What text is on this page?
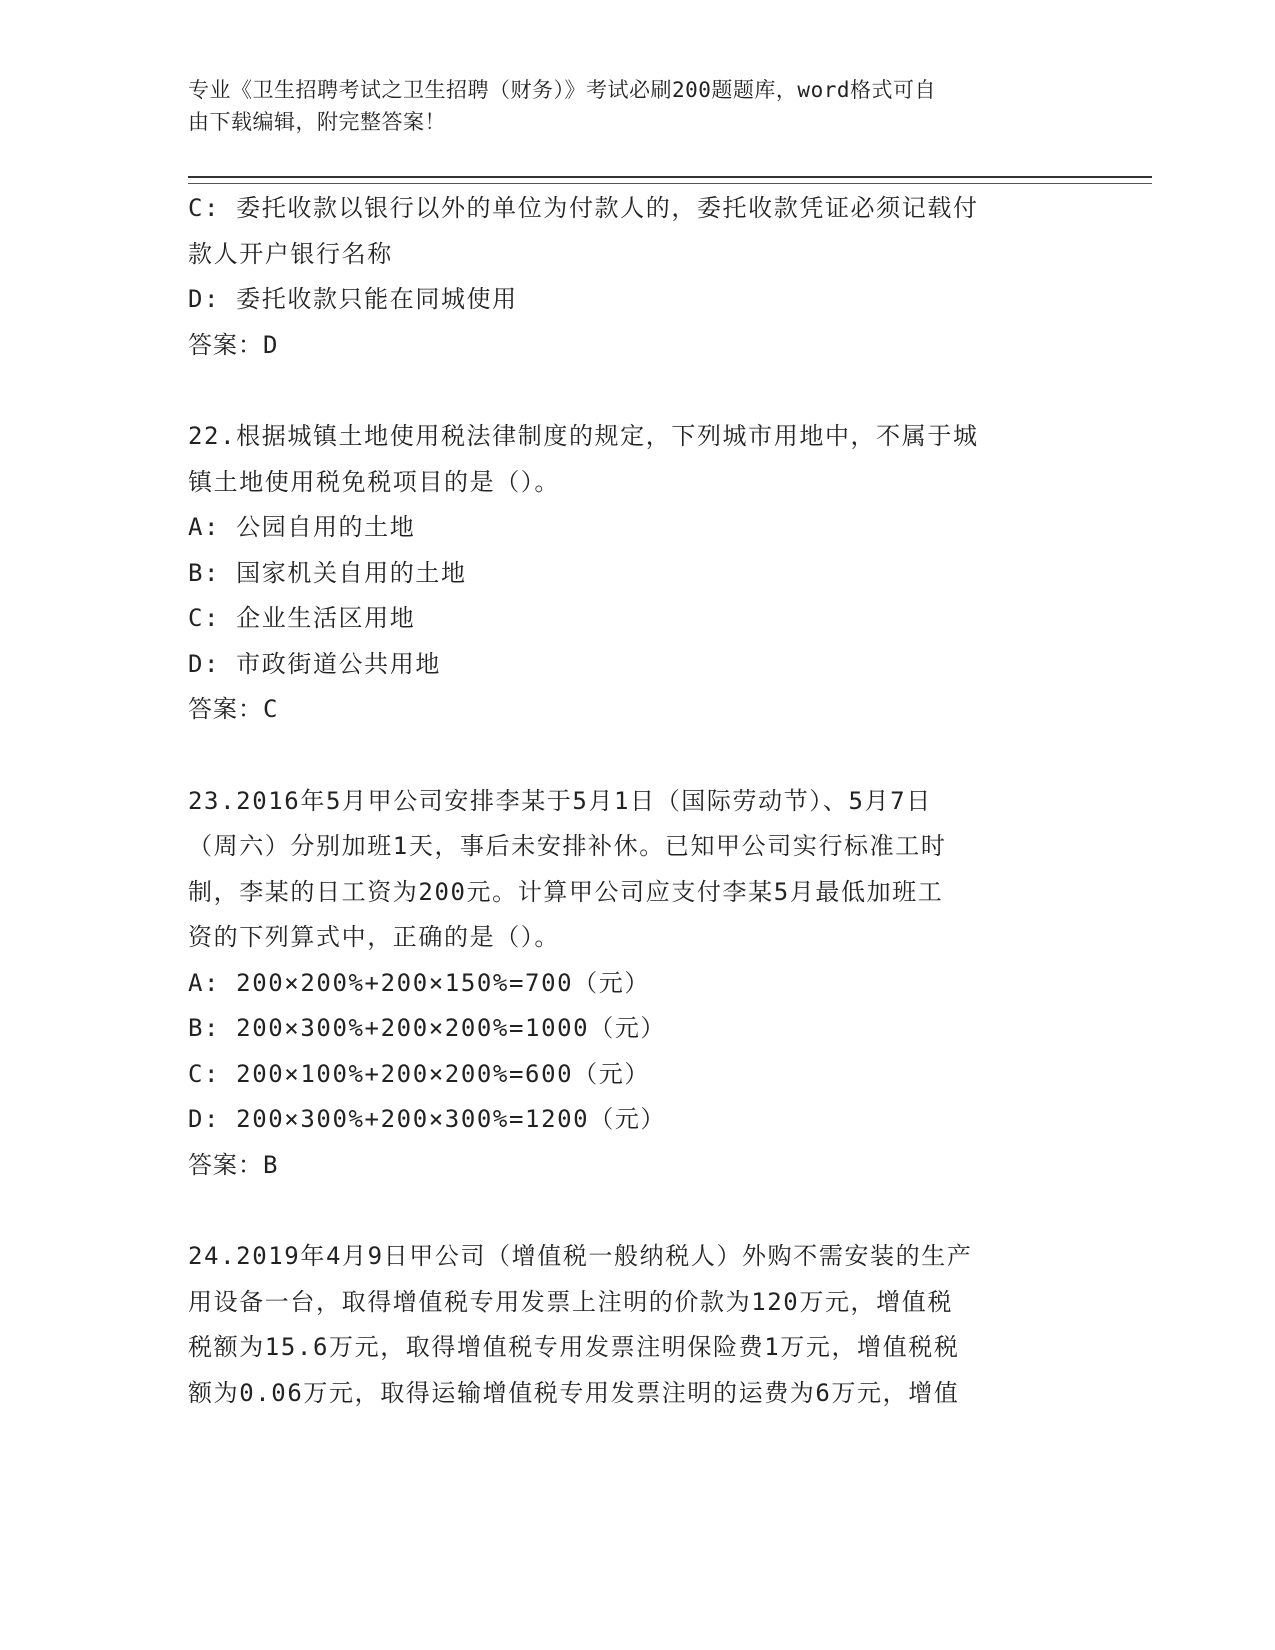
专业《卫生招聘考试之卫生招聘（财务）》考试必刷200题题库，word格式可自
由下载编辑，附完整答案！
C: 委托收款以银行以外的单位为付款人的，委托收款凭证必须记载付
款人开户银行名称
D: 委托收款只能在同城使用
答案：D
22.根据城镇土地使用税法律制度的规定，下列城市用地中，不属于城
镇土地使用税免税项目的是（）。
A: 公园自用的土地
B: 国家机关自用的土地
C: 企业生活区用地
D: 市政街道公共用地
答案：C
23.2016年5月甲公司安排李某于5月1日（国际劳动节）、5月7日
（周六）分别加班1天，事后未安排补休。已知甲公司实行标准工时
制，李某的日工资为200元。计算甲公司应支付李某5月最低加班工
资的下列算式中，正确的是（）。
A: 200×200%+200×150%=700（元）
B: 200×300%+200×200%=1000（元）
C: 200×100%+200×200%=600（元）
D: 200×300%+200×300%=1200（元）
答案：B
24.2019年4月9日甲公司（增值税一般纳税人）外购不需安装的生产
用设备一台，取得增值税专用发票上注明的价款为120万元，增值税
税额为15.6万元，取得增值税专用发票注明保险费1万元，增值税税
额为0.06万元，取得运输增值税专用发票注明的运费为6万元，增值
